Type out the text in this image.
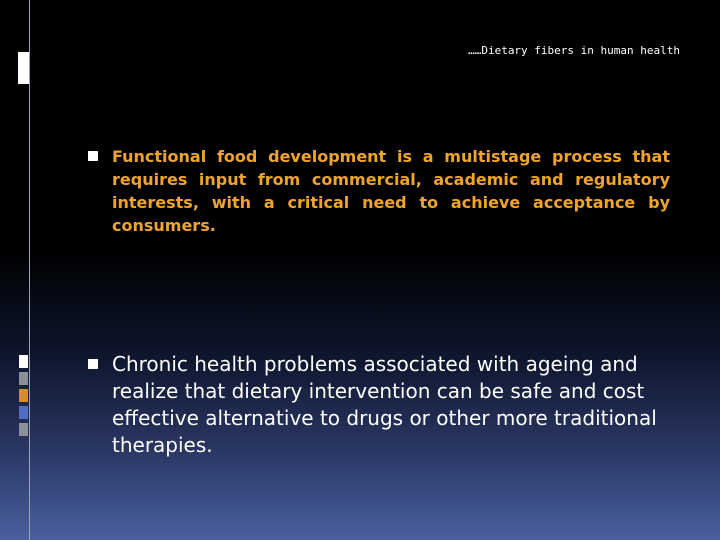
……Dietary fibers in human health
Functional food development is a multistage process that requires input from commercial, academic and regulatory interests, with a critical need to achieve acceptance by consumers.
Chronic health problems associated with ageing and realize that dietary intervention can be safe and cost effective alternative to drugs or other more traditional therapies.
